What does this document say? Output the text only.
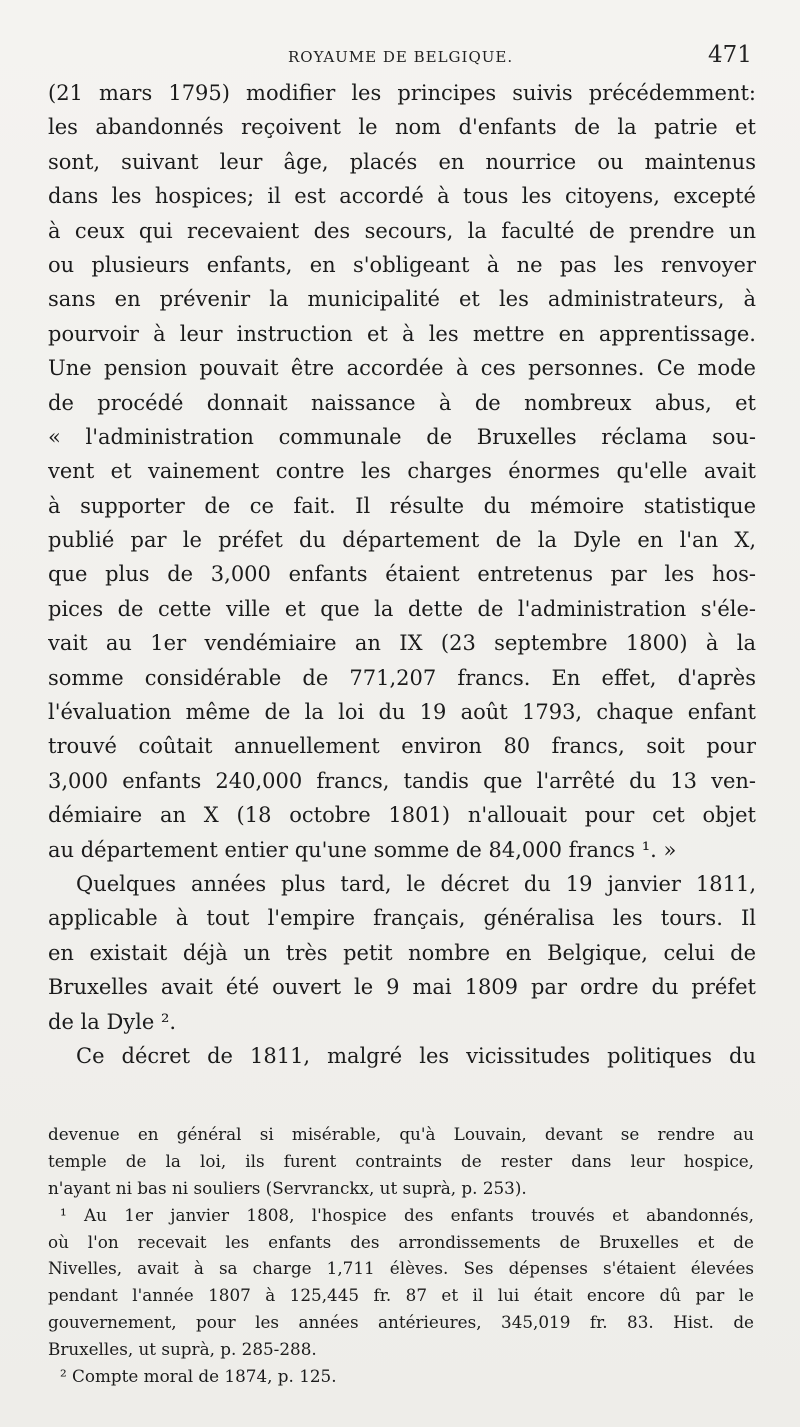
ROYAUME DE BELGIQUE.	471
(21 mars 1795) modifier les principes suivis précédemment:
les abandonnés reçoivent le nom d'enfants de la patrie et
sont, suivant leur âge, placés en nourrice ou maintenus
dans les hospices; il est accordé à tous les citoyens, excepté
à ceux qui recevaient des secours, la faculté de prendre un
ou plusieurs enfants, en s'obligeant à ne pas les renvoyer
sans en prévenir la municipalité et les administrateurs, à
pourvoir à leur instruction et à les mettre en apprentissage.
Une pension pouvait être accordée à ces personnes. Ce mode
de procédé donnait naissance à de nombreux abus, et
« l'administration communale de Bruxelles réclama sou-
vent et vainement contre les charges énormes qu'elle avait
à supporter de ce fait. Il résulte du mémoire statistique
publié par le préfet du département de la Dyle en l'an X,
que plus de 3,000 enfants étaient entretenus par les hos-
pices de cette ville et que la dette de l'administration s'éle-
vait au 1er vendémiaire an IX (23 septembre 1800) à la
somme considérable de 771,207 francs. En effet, d'après
l'évaluation même de la loi du 19 août 1793, chaque enfant
trouvé coûtait annuellement environ 80 francs, soit pour
3,000 enfants 240,000 francs, tandis que l'arrêté du 13 ven-
démiaire an X (18 octobre 1801) n'allouait pour cet objet
au département entier qu'une somme de 84,000 francs ¹. »
Quelques années plus tard, le décret du 19 janvier 1811,
applicable à tout l'empire français, généralisa les tours. Il
en existait déjà un très petit nombre en Belgique, celui de
Bruxelles avait été ouvert le 9 mai 1809 par ordre du préfet
de la Dyle ².
Ce décret de 1811, malgré les vicissitudes politiques du
devenue en général si misérable, qu'à Louvain, devant se rendre au
temple de la loi, ils furent contraints de rester dans leur hospice,
n'ayant ni bas ni souliers (Servranckx, ut suprà, p. 253).
¹ Au 1er janvier 1808, l'hospice des enfants trouvés et abandonnés,
où l'on recevait les enfants des arrondissements de Bruxelles et de
Nivelles, avait à sa charge 1,711 élèves. Ses dépenses s'étaient élevées
pendant l'année 1807 à 125,445 fr. 87 et il lui était encore dû par le
gouvernement, pour les années antérieures, 345,019 fr. 83. Hist. de
Bruxelles, ut suprà, p. 285-288.
² Compte moral de 1874, p. 125.
